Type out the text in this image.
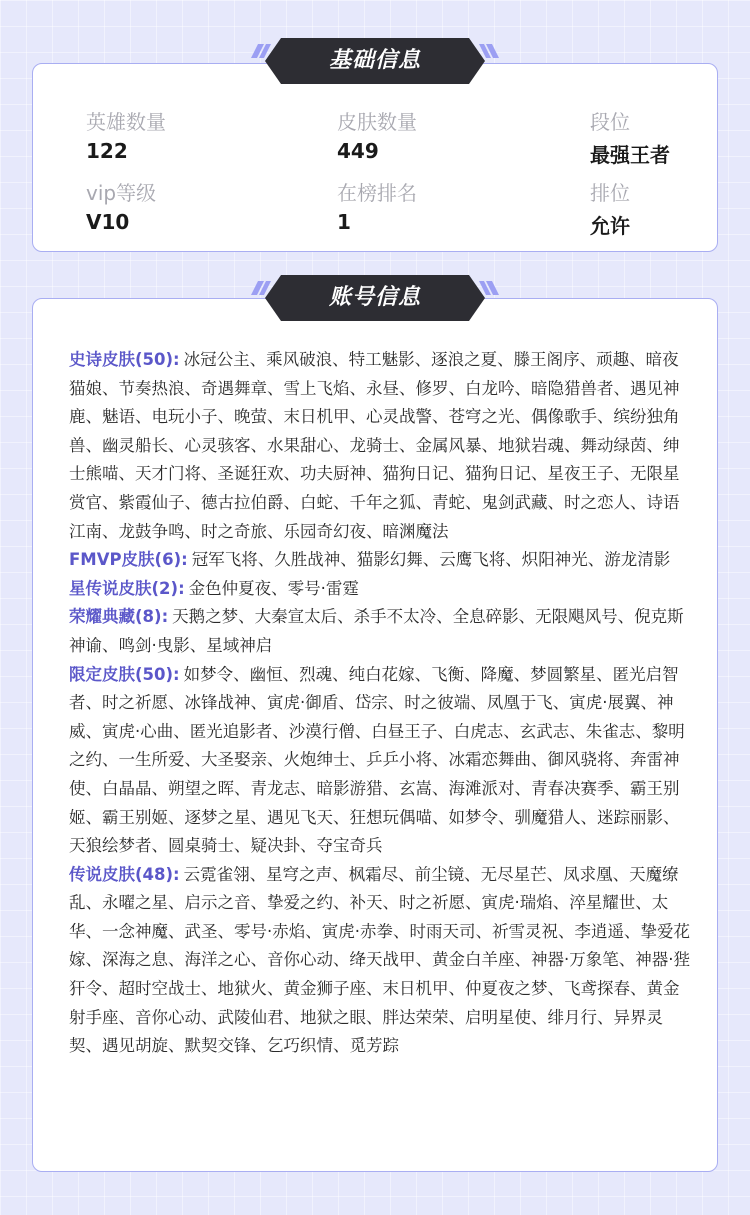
英雄数量
122
皮肤数量
449
段位
最强王者
vip等级
V10
在榜排名
1
排位
允许
基础信息
史诗皮肤(50): 冰冠公主、乘风破浪、特工魅影、逐浪之夏、滕王阁序、顽趣、暗夜猫娘、节奏热浪、奇遇舞章、雪上飞焰、永昼、修罗、白龙吟、暗隐猎兽者、遇见神鹿、魅语、电玩小子、晚萤、末日机甲、心灵战警、苍穹之光、偶像歌手、缤纷独角兽、幽灵船长、心灵骇客、水果甜心、龙骑士、金属风暴、地狱岩魂、舞动绿茵、绅士熊喵、天才门将、圣诞狂欢、功夫厨神、猫狗日记、猫狗日记、星夜王子、无限星赏官、紫霞仙子、德古拉伯爵、白蛇、千年之狐、青蛇、鬼剑武藏、时之恋人、诗语江南、龙鼓争鸣、时之奇旅、乐园奇幻夜、暗渊魔法
FMVP皮肤(6): 冠军飞将、久胜战神、猫影幻舞、云鹰飞将、炽阳神光、游龙清影
星传说皮肤(2): 金色仲夏夜、零号·雷霆
荣耀典藏(8): 天鹅之梦、大秦宣太后、杀手不太冷、全息碎影、无限飓风号、倪克斯神谕、鸣剑·曳影、星域神启
限定皮肤(50): 如梦令、幽恒、烈魂、纯白花嫁、飞衡、降魔、梦圆繁星、匿光启智者、时之祈愿、冰锋战神、寅虎·御盾、岱宗、时之彼端、凤凰于飞、寅虎·展翼、神威、寅虎·心曲、匿光追影者、沙漠行僧、白昼王子、白虎志、玄武志、朱雀志、黎明之约、一生所爱、大圣娶亲、火炮绅士、乒乒小将、冰霜恋舞曲、御风骁将、奔雷神使、白晶晶、朔望之晖、青龙志、暗影游猎、玄嵩、海滩派对、青春决赛季、霸王别姬、霸王别姬、逐梦之星、遇见飞天、狂想玩偶喵、如梦令、驯魔猎人、迷踪丽影、天狼绘梦者、圆桌骑士、疑决卦、夺宝奇兵
传说皮肤(48): 云霓雀翎、星穹之声、枫霜尽、前尘镜、无尽星芒、凤求凰、天魔缭乱、永曜之星、启示之音、挚爱之约、补天、时之祈愿、寅虎·瑞焰、淬星耀世、太华、一念神魔、武圣、零号·赤焰、寅虎·赤拳、时雨天司、祈雪灵祝、李逍遥、挚爱花嫁、深海之息、海洋之心、音你心动、绛天战甲、黄金白羊座、神器·万象笔、神器·狴犴令、超时空战士、地狱火、黄金狮子座、末日机甲、仲夏夜之梦、飞鸢探春、黄金射手座、音你心动、武陵仙君、地狱之眼、胖达荣荣、启明星使、绯月行、异界灵契、遇见胡旋、默契交锋、乞巧织情、觅芳踪
账号信息
